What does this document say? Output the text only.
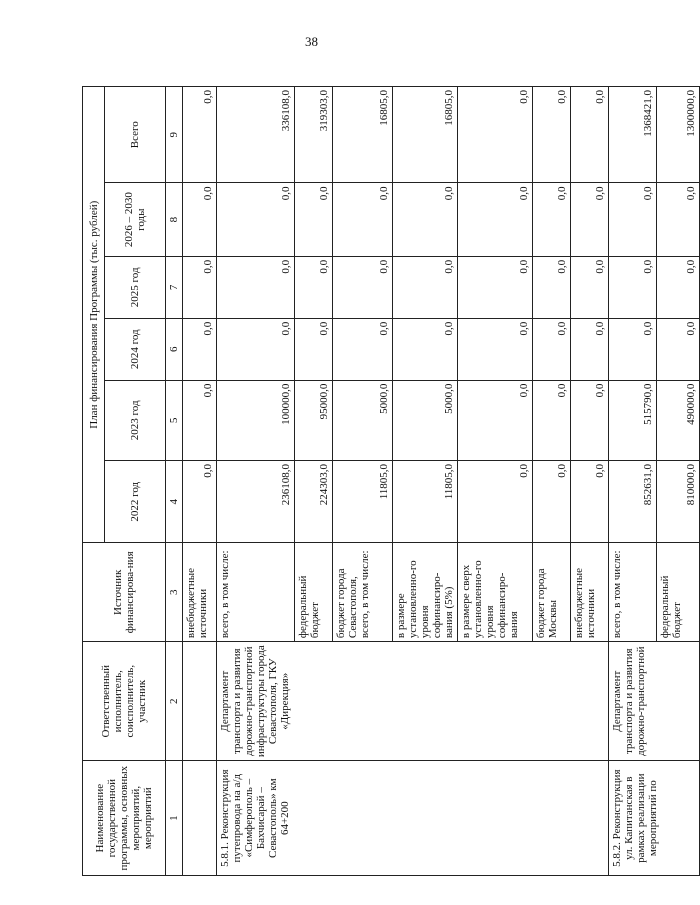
38
Наименование государственной программы, основных мероприятий, мероприятий	Ответственный исполнитель, соисполнитель, участник	Источник финансирова-ния	План финансирования Программы (тыс. рублей)					
			2022 год	2023 год	2024 год	2025 год	2026 – 2030 годы	Всего
1	2	3	4	5	6	7	8	9
		внебюджетные источники	0,0	0,0	0,0	0,0	0,0	0,0
5.8.1. Реконструкция путепровода на а/д «Симферополь – Бахчисарай – Севастополь» км 64+200	Департамент транспорта и развития дорожно-транспортной инфраструктуры города Севастополя, ГКУ «Дирекция»	всего, в том числе:	236108,0	100000,0	0,0	0,0	0,0	336108,0
		федеральный бюджет	224303,0	95000,0	0,0	0,0	0,0	319303,0
		бюджет города Севастополя, всего, в том числе:	11805,0	5000,0	0,0	0,0	0,0	16805,0
		в размере установленно-го уровня софинансиро-вания (5%)	11805,0	5000,0	0,0	0,0	0,0	16805,0
		в размере сверх установленно-го уровня софинансиро-вания	0,0	0,0	0,0	0,0	0,0	0,0
		бюджет города Москвы	0,0	0,0	0,0	0,0	0,0	0,0
		внебюджетные источники	0,0	0,0	0,0	0,0	0,0	0,0
5.8.2. Реконструкция ул. Капитанская в рамках реализации мероприятий по	Департамент транспорта и развития дорожно-транспортной	всего, в том числе:	852631,0	515790,0	0,0	0,0	0,0	1368421,0
		федеральный бюджет	810000,0	490000,0	0,0	0,0	0,0	1300000,0
